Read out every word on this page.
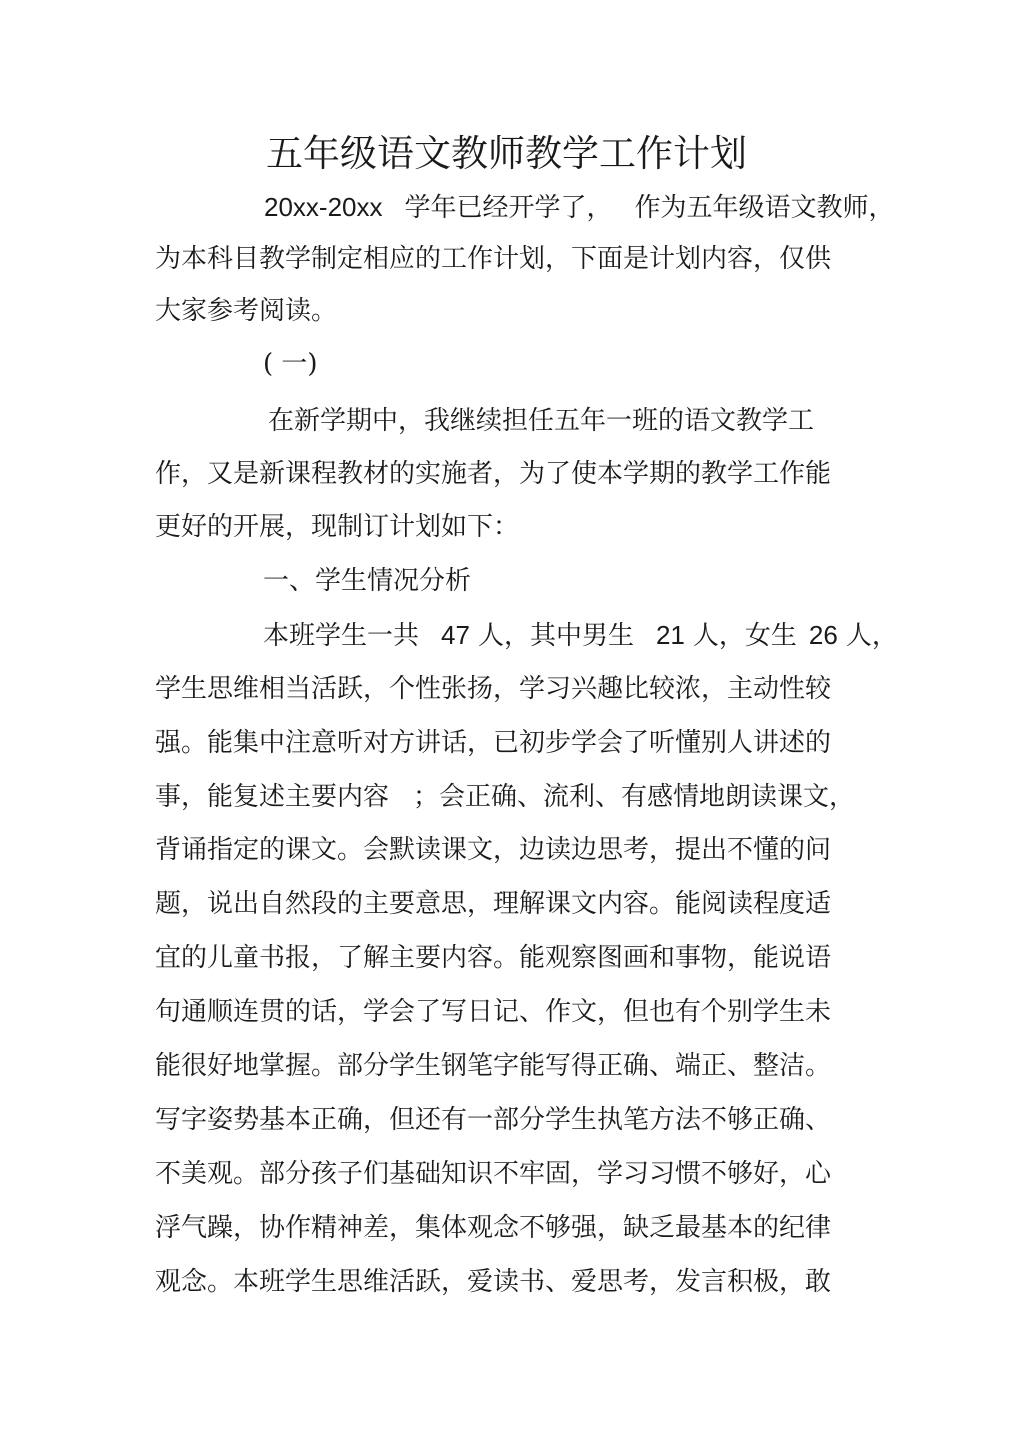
五年级语文教师教学工作计划
20xx-20xx 学年已经开学了， 作为五年级语文教师，
为本科目教学制定相应的工作计划，下面是计划内容，仅供
大家参考阅读。
( 一)
在新学期中，我继续担任五年一班的语文教学工
作，又是新课程教材的实施者，为了使本学期的教学工作能
更好的开展，现制订计划如下：
一、学生情况分析
本班学生一共 47 人，其中男生 21 人，女生 26 人，
学生思维相当活跃，个性张扬，学习兴趣比较浓，主动性较
强。能集中注意听对方讲话，已初步学会了听懂别人讲述的
事，能复述主要内容 ；会正确、流利、有感情地朗读课文，
背诵指定的课文。会默读课文，边读边思考，提出不懂的问
题，说出自然段的主要意思，理解课文内容。能阅读程度适
宜的儿童书报，了解主要内容。能观察图画和事物，能说语
句通顺连贯的话，学会了写日记、作文，但也有个别学生未
能很好地掌握。部分学生钢笔字能写得正确、端正、整洁。
写字姿势基本正确，但还有一部分学生执笔方法不够正确、
不美观。部分孩子们基础知识不牢固，学习习惯不够好，心
浮气躁，协作精神差，集体观念不够强，缺乏最基本的纪律
观念。本班学生思维活跃，爱读书、爱思考，发言积极，敢
